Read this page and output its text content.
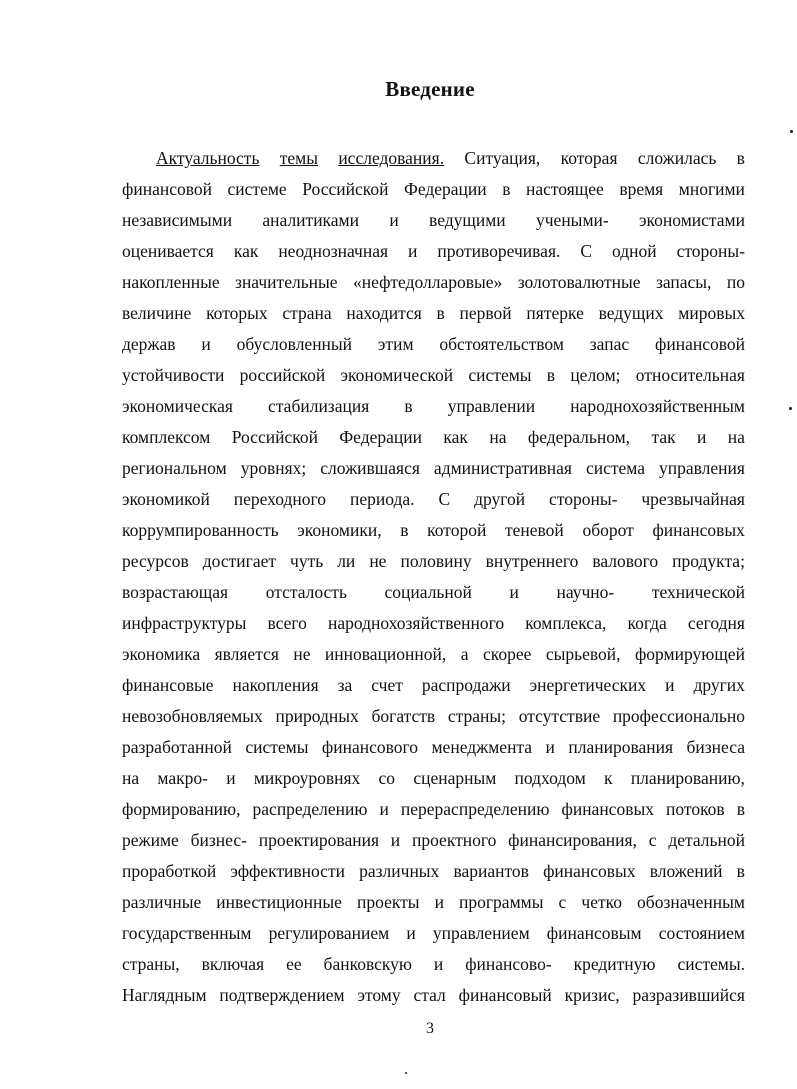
Введение
Актуальность темы исследования. Ситуация, которая сложилась в
финансовой системе Российской Федерации в настоящее время многими
независимыми аналитиками и ведущими учеными- экономистами
оценивается как неоднозначная и противоречивая. С одной стороны-
накопленные значительные «нефтедолларовые» золотовалютные запасы, по
величине которых страна находится в первой пятерке ведущих мировых
держав и обусловленный этим обстоятельством запас финансовой
устойчивости российской экономической системы в целом; относительная
экономическая стабилизация в управлении народнохозяйственным
комплексом Российской Федерации как на федеральном, так и на
региональном уровнях; сложившаяся административная система управления
экономикой переходного периода. С другой стороны- чрезвычайная
коррумпированность экономики, в которой теневой оборот финансовых
ресурсов достигает чуть ли не половину внутреннего валового продукта;
возрастающая отсталость социальной и научно- технической
инфраструктуры всего народнохозяйственного комплекса, когда сегодня
экономика является не инновационной, а скорее сырьевой, формирующей
финансовые накопления за счет распродажи энергетических и других
невозобновляемых природных богатств страны; отсутствие профессионально
разработанной системы финансового менеджмента и планирования бизнеса
на макро- и микроуровнях со сценарным подходом к планированию,
формированию, распределению и перераспределению финансовых потоков в
режиме бизнес- проектирования и проектного финансирования, с детальной
проработкой эффективности различных вариантов финансовых вложений в
различные инвестиционные проекты и программы с четко обозначенным
государственным регулированием и управлением финансовым состоянием
страны, включая ее банковскую и финансово- кредитную системы.
Наглядным подтверждением этому стал финансовый кризис, разразившийся
3
